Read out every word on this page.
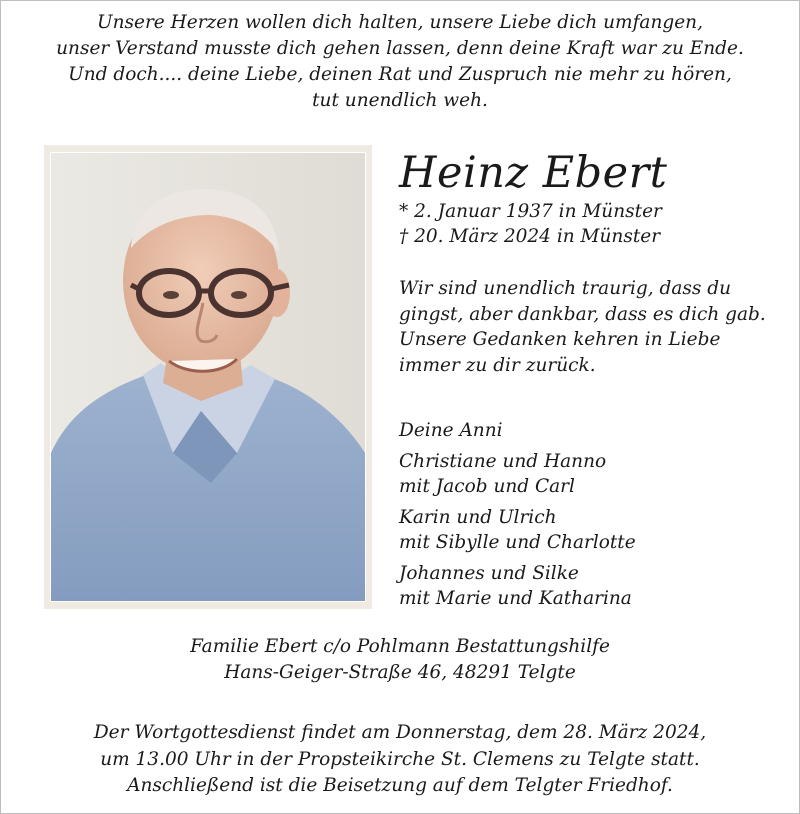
Unsere Herzen wollen dich halten, unsere Liebe dich umfangen,
unser Verstand musste dich gehen lassen, denn deine Kraft war zu Ende.
Und doch.... deine Liebe, deinen Rat und Zuspruch nie mehr zu hören,
tut unendlich weh.
Heinz Ebert
* 2. Januar 1937 in Münster
† 20. März 2024 in Münster
Wir sind unendlich traurig, dass du
gingst, aber dankbar, dass es dich gab.
Unsere Gedanken kehren in Liebe
immer zu dir zurück.
Deine Anni
Christiane und Hanno
mit Jacob und Carl
Karin und Ulrich
mit Sibylle und Charlotte
Johannes und Silke
mit Marie und Katharina
Familie Ebert c/o Pohlmann Bestattungshilfe
Hans-Geiger-Straße 46, 48291 Telgte
Der Wortgottesdienst findet am Donnerstag, dem 28. März 2024,
um 13.00 Uhr in der Propsteikirche St. Clemens zu Telgte statt.
Anschließend ist die Beisetzung auf dem Telgter Friedhof.
